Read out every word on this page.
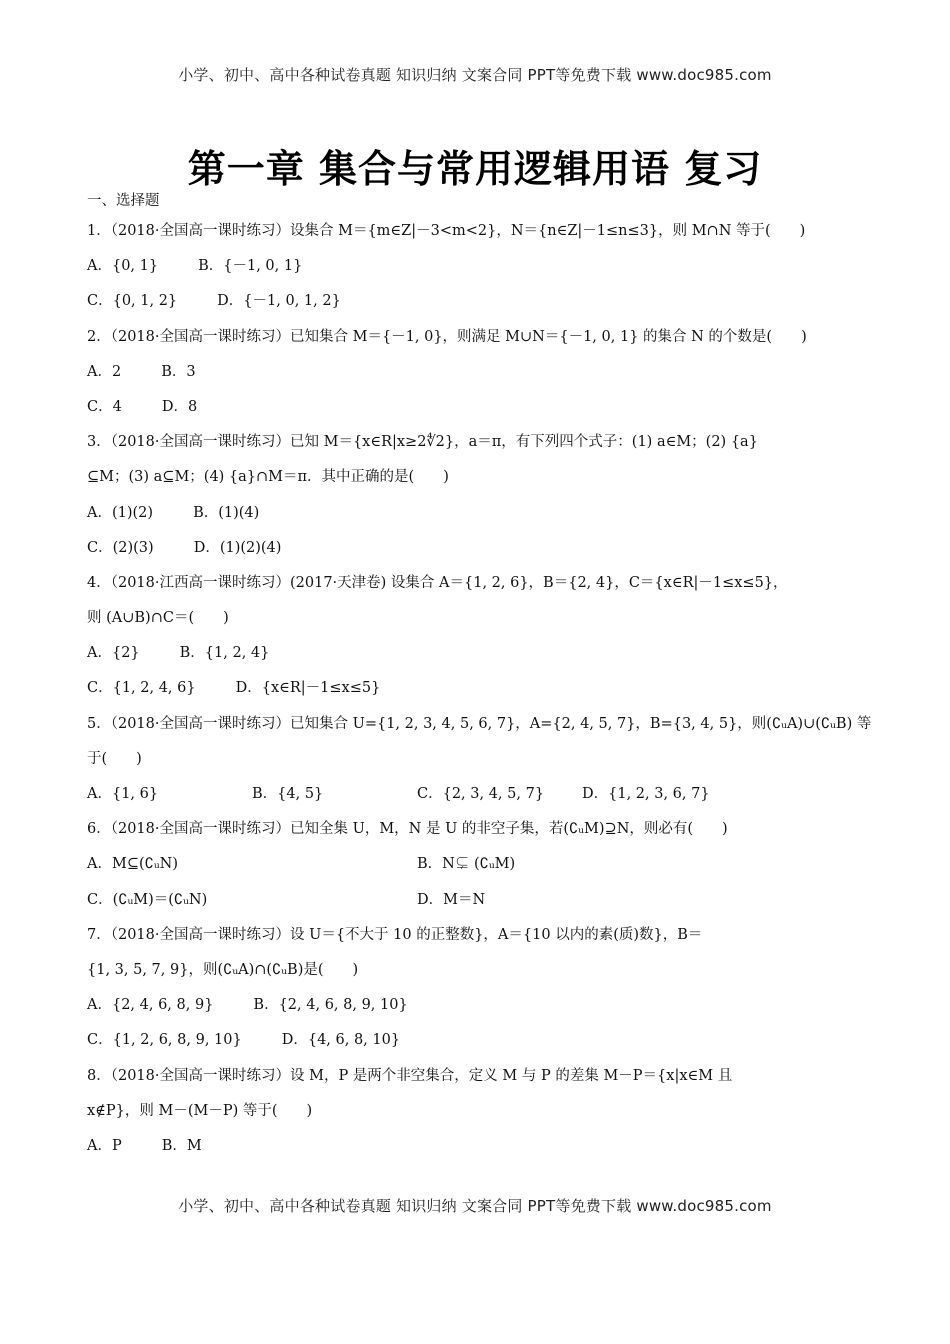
小学、初中、高中各种试卷真题 知识归纳 文案合同 PPT等免费下载 www.doc985.com
第一章 集合与常用逻辑用语 复习
一、选择题
1．（2018·全国高一课时练习）设集合 M＝{m∈Z|－3<m<2}，N＝{n∈Z|－1≤n≤3}，则 M∩N 等于(　　)
A．{0, 1}	B．{－1, 0, 1}
C．{0, 1, 2}	D．{－1, 0, 1, 2}
2．（2018·全国高一课时练习）已知集合 M＝{－1, 0}，则满足 M∪N＝{－1, 0, 1} 的集合 N 的个数是(　　)
A．2	B．3
C．4	D．8
3．（2018·全国高一课时练习）已知 M＝{x∈R|x≥2∜2}，a＝π，有下列四个式子：(1) a∈M；(2) {a}
⊆M；(3) a⊆M；(4) {a}∩M＝π．其中正确的是(　　)
A．(1)(2)	B．(1)(4)
C．(2)(3)	D．(1)(2)(4)
4．（2018·江西高一课时练习）(2017·天津卷) 设集合 A＝{1, 2, 6}，B＝{2, 4}，C＝{x∈R|－1≤x≤5}，
则 (A∪B)∩C＝(　　)
A．{2}	B．{1, 2, 4}
C．{1, 2, 4, 6}	D．{x∈R|－1≤x≤5}
5．（2018·全国高一课时练习）已知集合 U={1, 2, 3, 4, 5, 6, 7}，A={2, 4, 5, 7}，B={3, 4, 5}，则(∁ᵤA)∪(∁ᵤB) 等
于(　　)
A．{1, 6}	B．{4, 5}	C．{2, 3, 4, 5, 7}	D．{1, 2, 3, 6, 7}
6．（2018·全国高一课时练习）已知全集 U，M，N 是 U 的非空子集，若(∁ᵤM)⊇N，则必有(　　)
A．M⊆(∁ᵤN)	B．N⊊ (∁ᵤM)
C．(∁ᵤM)＝(∁ᵤN)	D．M＝N
7．（2018·全国高一课时练习）设 U＝{不大于 10 的正整数}，A＝{10 以内的素(质)数}，B＝
{1, 3, 5, 7, 9}，则(∁ᵤA)∩(∁ᵤB)是(　　)
A．{2, 4, 6, 8, 9}	B．{2, 4, 6, 8, 9, 10}
C．{1, 2, 6, 8, 9, 10}	D．{4, 6, 8, 10}
8．（2018·全国高一课时练习）设 M，P 是两个非空集合，定义 M 与 P 的差集 M－P＝{x|x∈M 且
x∉P}，则 M－(M－P) 等于(　　)
A．P	B．M
小学、初中、高中各种试卷真题 知识归纳 文案合同 PPT等免费下载 www.doc985.com
